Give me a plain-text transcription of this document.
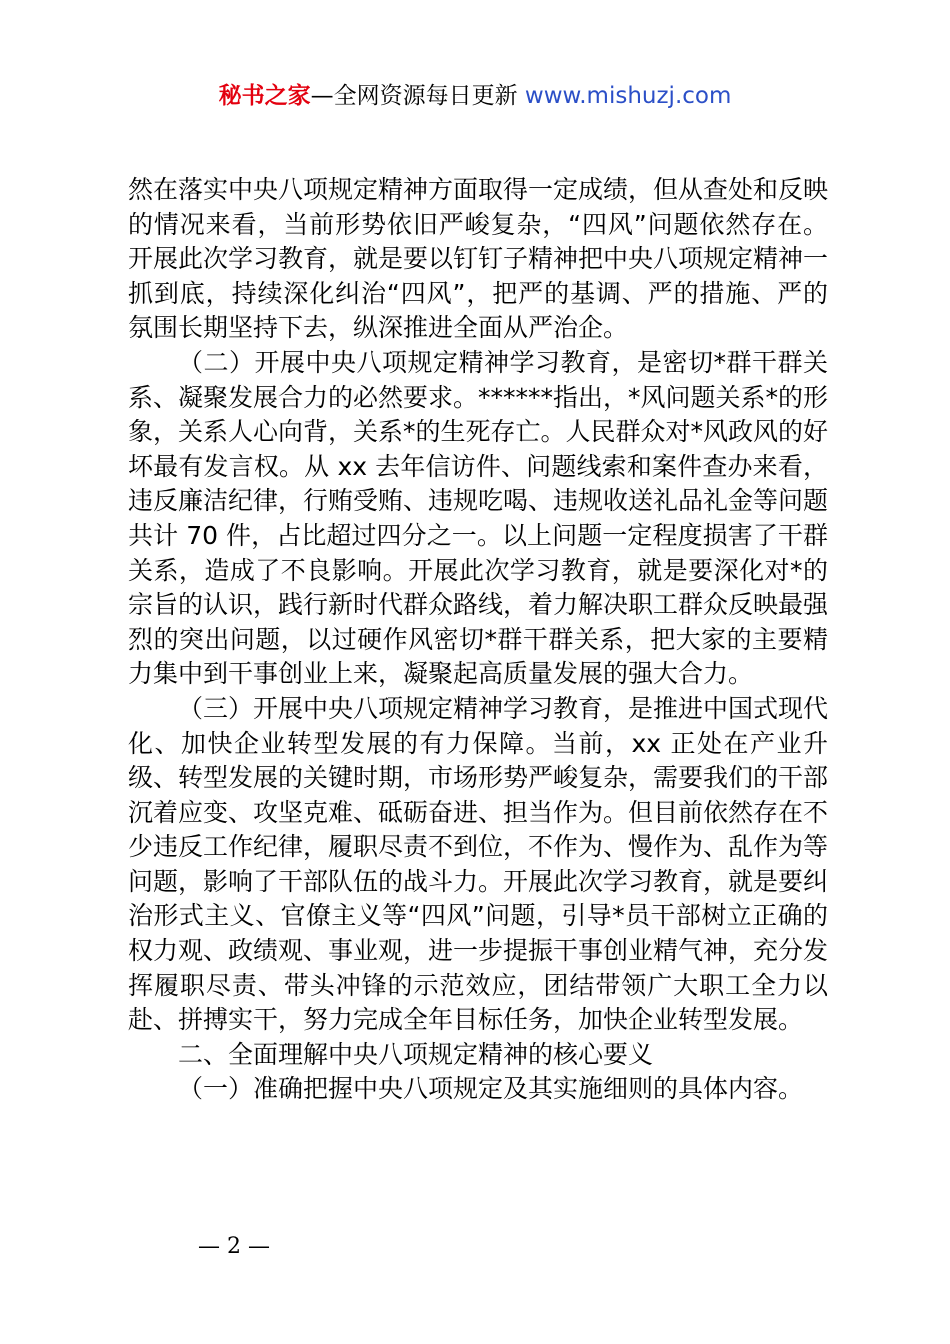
秘书之家—全网资源每日更新 www.mishuzj.com

然在落实中央八项规定精神方面取得一定成绩，但从查处和反映的情况来看，当前形势依旧严峻复杂，“四风”问题依然存在。开展此次学习教育，就是要以钉钉子精神把中央八项规定精神一抓到底，持续深化纠治“四风”，把严的基调、严的措施、严的氛围长期坚持下去，纵深推进全面从严治企。

（二）开展中央八项规定精神学习教育，是密切*群干群关系、凝聚发展合力的必然要求。******指出，*风问题关系*的形象，关系人心向背，关系*的生死存亡。人民群众对*风政风的好坏最有发言权。从 xx 去年信访件、问题线索和案件查办来看，违反廉洁纪律，行贿受贿、违规吃喝、违规收送礼品礼金等问题共计 70 件，占比超过四分之一。以上问题一定程度损害了干群关系，造成了不良影响。开展此次学习教育，就是要深化对*的宗旨的认识，践行新时代群众路线，着力解决职工群众反映最强烈的突出问题，以过硬作风密切*群干群关系，把大家的主要精力集中到干事创业上来，凝聚起高质量发展的强大合力。

（三）开展中央八项规定精神学习教育，是推进中国式现代化、加快企业转型发展的有力保障。当前，xx 正处在产业升级、转型发展的关键时期，市场形势严峻复杂，需要我们的干部沉着应变、攻坚克难、砥砺奋进、担当作为。但目前依然存在不少违反工作纪律，履职尽责不到位，不作为、慢作为、乱作为等问题，影响了干部队伍的战斗力。开展此次学习教育，就是要纠治形式主义、官僚主义等“四风”问题，引导*员干部树立正确的权力观、政绩观、事业观，进一步提振干事创业精气神，充分发挥履职尽责、带头冲锋的示范效应，团结带领广大职工全力以赴、拼搏实干，努力完成全年目标任务，加快企业转型发展。

二、全面理解中央八项规定精神的核心要义

（一）准确把握中央八项规定及其实施细则的具体内容。

— 2 —
